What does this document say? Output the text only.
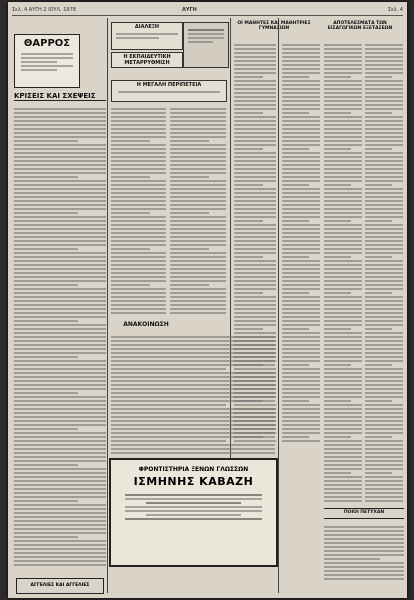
Σελ. 4 ΑΥΓΗ 2 ΙΟΥΛ. 1978	ΑΥΓΗ	Σελ. 4
ΘΑΡΡΟΣ
ΚΡΙΣΕΙΣ ΚΑΙ ΣΧΕΨΕΙΣ
ΔΙΑΛΕΞΗ
Η ΕΚΠΑΙΔΕΥΤΙΚΗ ΜΕΤΑΡΡΥΘΜΙΣΗ
Η ΜΕΓΑΛΗ ΠΕΡΙΠΕΤΕΙΑ
ΑΝΑΚΟΙΝΩΣΗ
ΟΙ ΜΑΘΗΤΕΣ ΚΑΙ ΜΑΘΗΤΡΙΕΣ ΓΥΜΝΑΣΙΩΝ
ΑΠΟΤΕΛΕΣΜΑΤΑ ΤΩΝ ΕΙΣΑΓΩΓΙΚΩΝ ΕΞΕΤΑΣΕΩΝ
ΠΟΙΟΙ ΠΕΤΥΧΑΝ
ΦΡΟΝΤΙΣΤΗΡΙΑ ΞΕΝΩΝ ΓΛΩΣΣΩΝ
ΙΣΜΗΝΗΣ ΚΑΒΑΖΗ
ΑΓΓΕΛΙΕΣ ΚΑΙ ΑΓΓΕΛΙΕΣ
